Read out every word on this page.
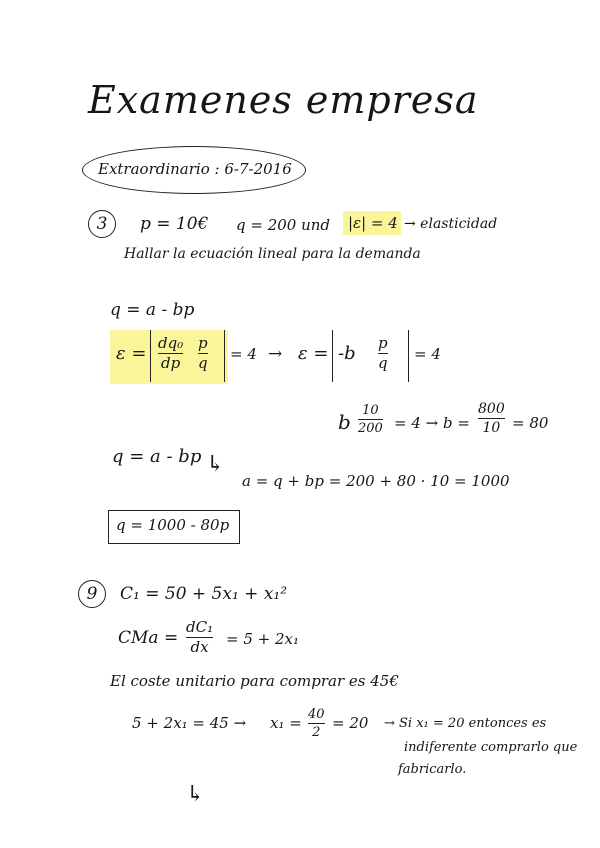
Examenes empresa
Extraordinario : 6-7-2016
3	p = 10€ q = 200 und |ε| = 4 → elasticidad
Hallar la ecuación lineal para la demanda
q = a - bp
ε = dq₀
dp
p
q
= 4 → ε = -b p
q
= 4
b 10
200 = 4 → b =
800
10 = 80
q = a - bp ↳
a = q + bp = 200 + 80 · 10 = 1000
q = 1000 - 80p
9	C₁ = 50 + 5x₁ + x₁²
CMa =
dC₁
dx = 5 + 2x₁
El coste unitario para comprar es 45€
5 + 2x₁ = 45 → x₁ = 40
2
= 20 → Si x₁ = 20 entonces es
indiferente comprarlo que
fabricarlo.
↳
